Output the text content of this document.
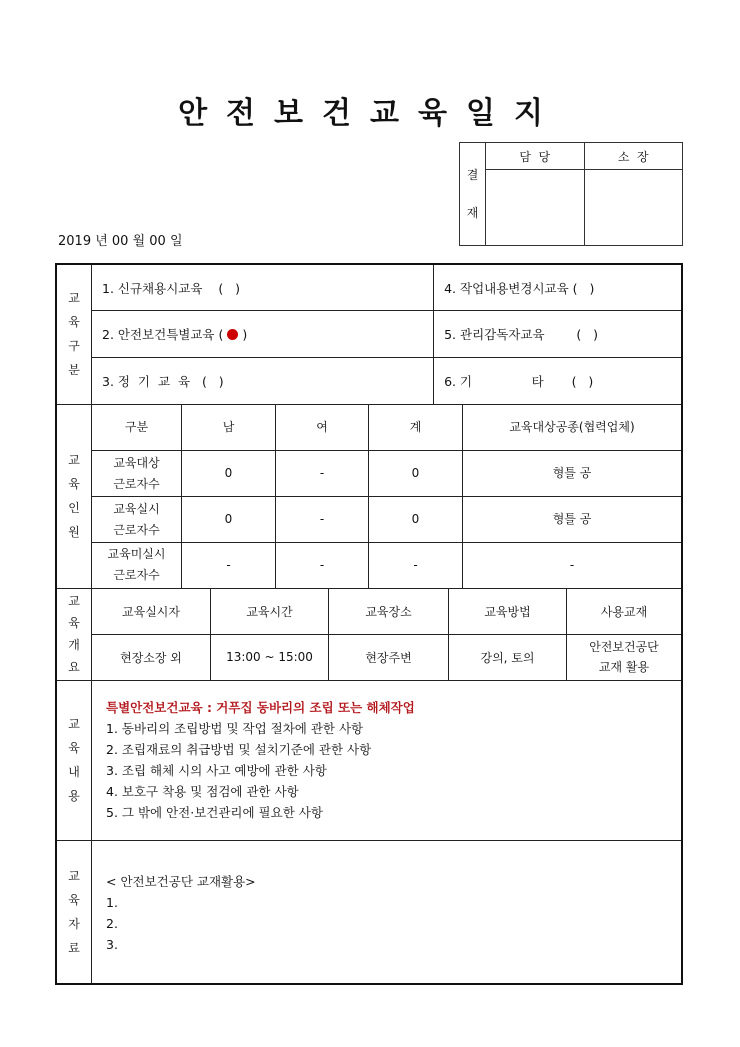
안전보건교육일지
결
재	담  당	소  장

2019 년 00 월 00 일
교
육
구
분

1. 신규채용시교육    (   )	4. 작업내용변경시교육 (   )
2. 안전보건특별교육 ( )	5. 관리감독자교육        (   )
3. 정  기  교  육   (   )	6. 기               타       (   )

교
육
인
원

구분	남	여	계	교육대상공종(협력업체)
교육대상
근로자수	0	-	0	형틀 공
교육실시
근로자수	0	-	0	형틀 공
교육미실시
근로자수	-	-	-	-

교
육
개
요

교육실시자	교육시간	교육장소	교육방법	사용교재
현장소장 외	13:00 ~ 15:00	현장주변	강의, 토의	안전보건공단
교재 활용

교
육
내
용

특별안전보건교육 : 거푸집 동바리의 조립 또는 해체작업
1. 동바리의 조립방법 및 작업 절차에 관한 사항
2. 조립재료의 취급방법 및 설치기준에 관한 사항
3. 조립 해체 시의 사고 예방에 관한 사항
4. 보호구 착용 및 점검에 관한 사항
5. 그 밖에 안전·보건관리에 필요한 사항

교
육
자
료

< 안전보건공단 교재활용>
1.
2.
3.
